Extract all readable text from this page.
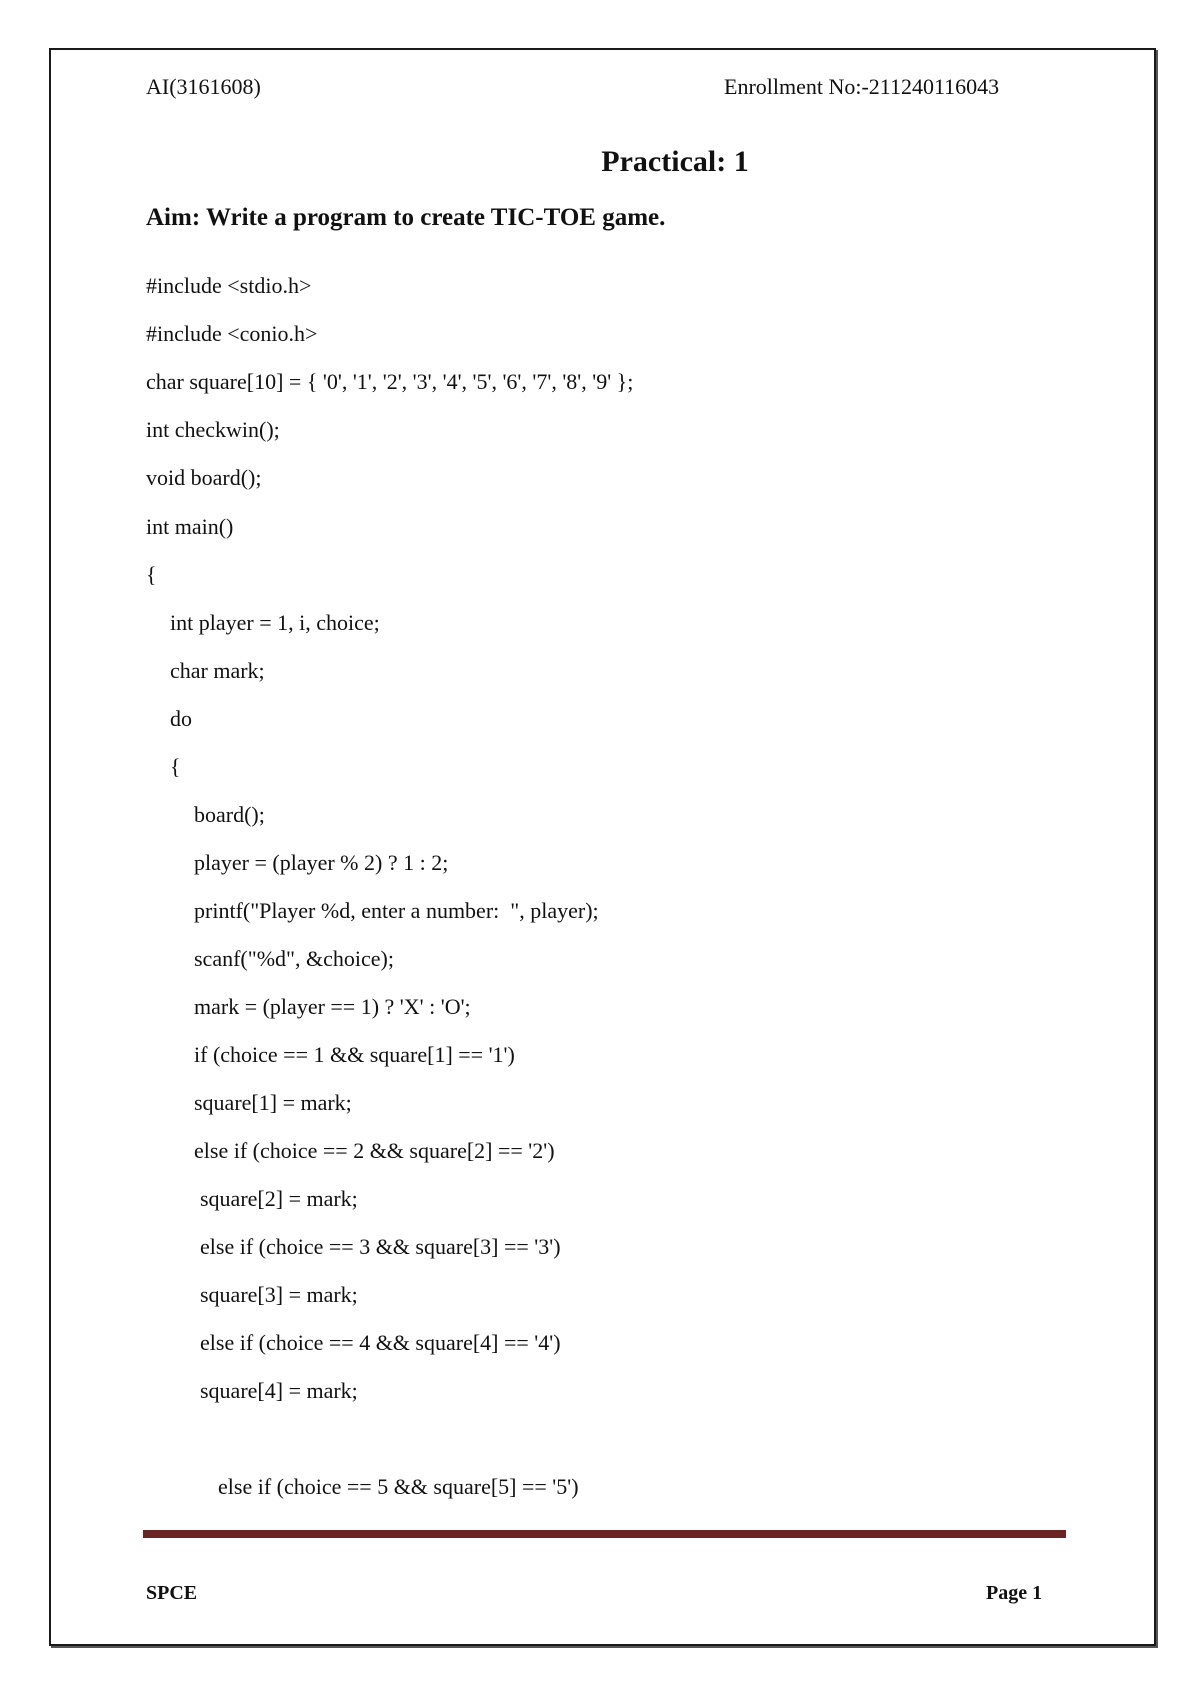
AI(3161608)	Enrollment No:-211240116043
Practical: 1
Aim: Write a program to create TIC-TOE game.
#include <stdio.h>
#include <conio.h>
char square[10] = { '0', '1', '2', '3', '4', '5', '6', '7', '8', '9' };
int checkwin();
void board();
int main()
{
int player = 1, i, choice;
char mark;
do
{
board();
player = (player % 2) ? 1 : 2;
printf("Player %d, enter a number:  ", player);
scanf("%d", &choice);
mark = (player == 1) ? 'X' : 'O';
if (choice == 1 && square[1] == '1')
square[1] = mark;
else if (choice == 2 && square[2] == '2')
square[2] = mark;
else if (choice == 3 && square[3] == '3')
square[3] = mark;
else if (choice == 4 && square[4] == '4')
square[4] = mark;
else if (choice == 5 && square[5] == '5')
SPCE	Page 1
